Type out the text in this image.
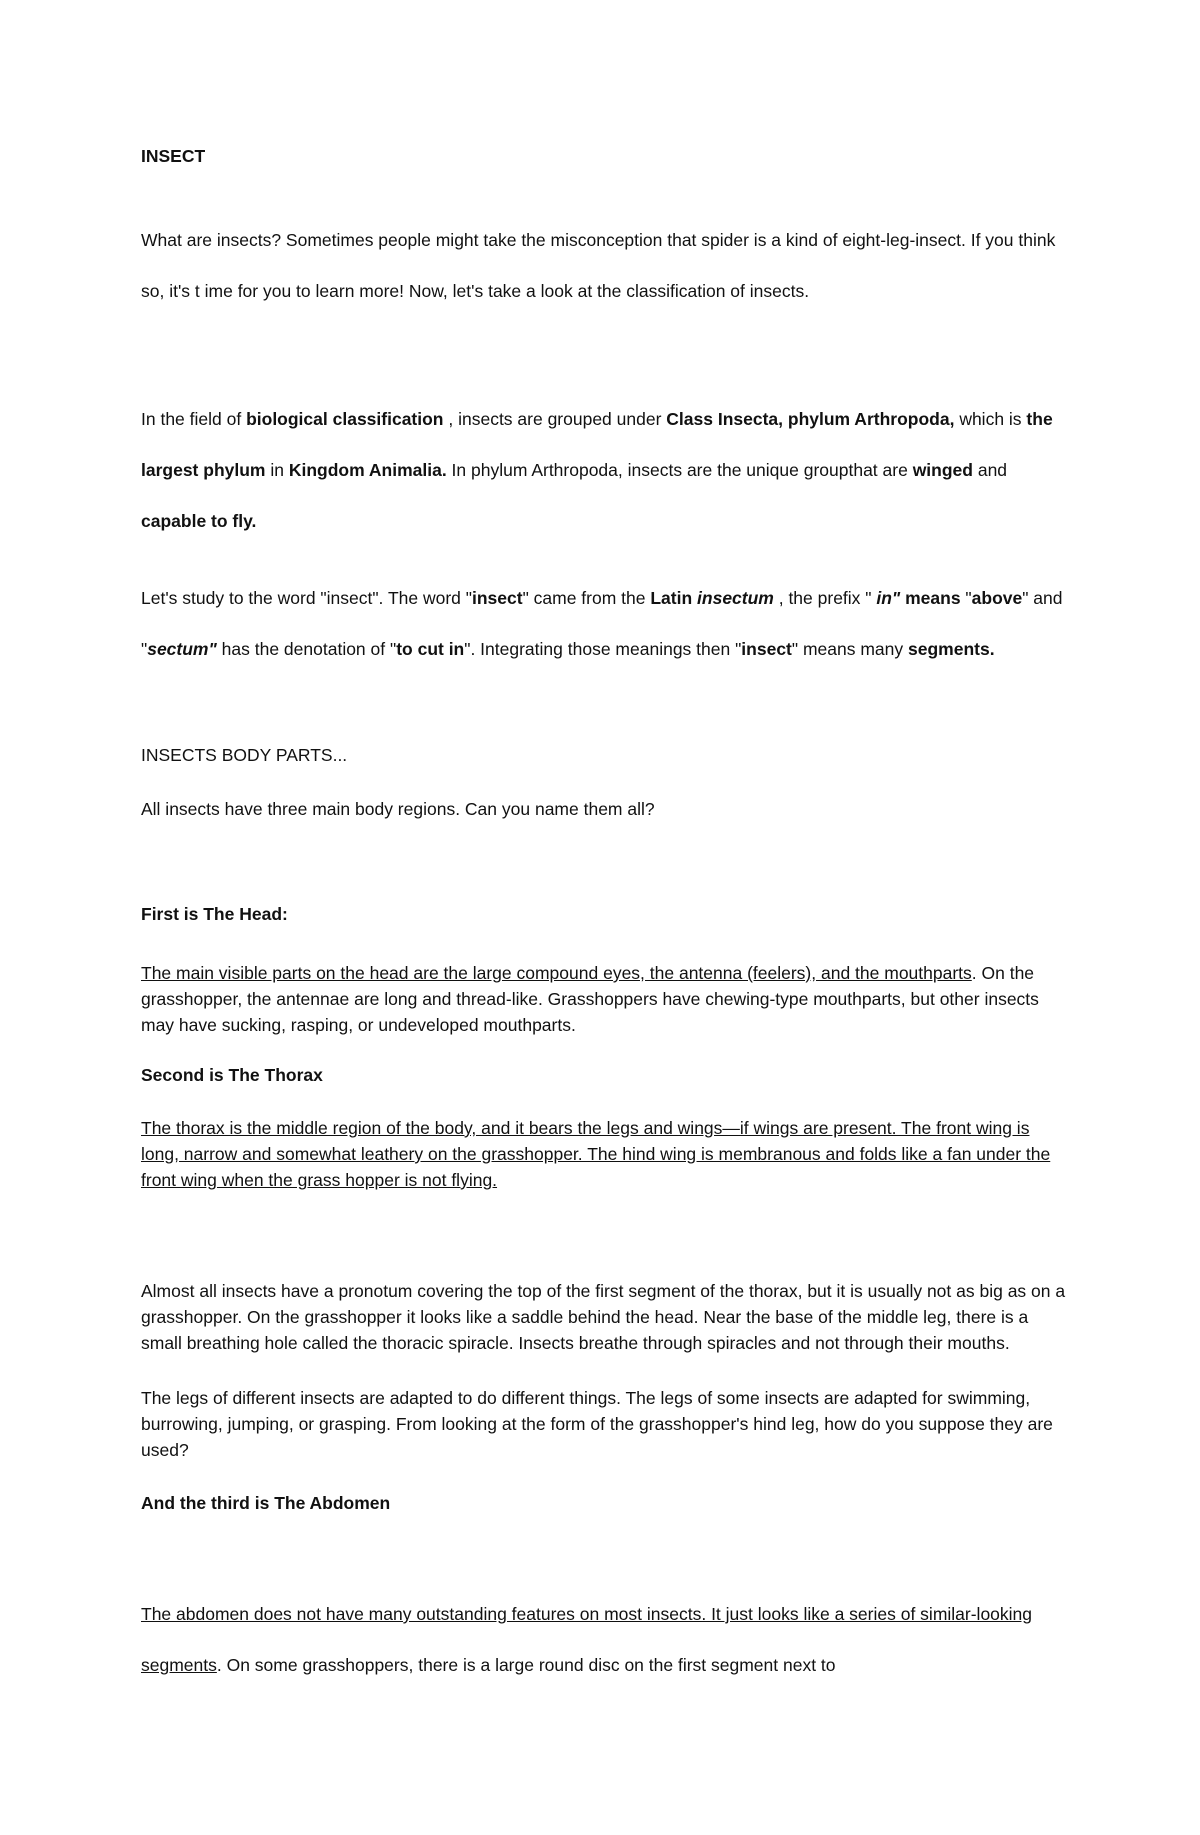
INSECT
What are insects? Sometimes people might take the misconception that spider is a kind of eight-leg-insect. If you think so, it's t ime for you to learn more! Now, let's take a look at the classification of insects.
In the field of biological classification , insects are grouped under Class Insecta, phylum Arthropoda, which is the largest phylum in Kingdom Animalia. In phylum Arthropoda, insects are the unique groupthat are winged and capable to fly.
Let's study to the word "insect". The word "insect" came from the Latin insectum , the prefix " in" means "above" and "sectum" has the denotation of "to cut in". Integrating those meanings then "insect" means many segments.
INSECTS BODY PARTS...
All insects have three main body regions. Can you name them all?
First is The Head:
The main visible parts on the head are the large compound eyes, the antenna (feelers), and the mouthparts. On the grasshopper, the antennae are long and thread-like. Grasshoppers have chewing-type mouthparts, but other insects may have sucking, rasping, or undeveloped mouthparts.
Second is The Thorax
The thorax is the middle region of the body, and it bears the legs and wings—if wings are present. The front wing is long, narrow and somewhat leathery on the grasshopper. The hind wing is membranous and folds like a fan under the front wing when the grass hopper is not flying.
Almost all insects have a pronotum covering the top of the first segment of the thorax, but it is usually not as big as on a grasshopper. On the grasshopper it looks like a saddle behind the head. Near the base of the middle leg, there is a small breathing hole called the thoracic spiracle. Insects breathe through spiracles and not through their mouths.
The legs of different insects are adapted to do different things. The legs of some insects are adapted for swimming, burrowing, jumping, or grasping. From looking at the form of the grasshopper's hind leg, how do you suppose they are used?
And the third is The Abdomen
The abdomen does not have many outstanding features on most insects. It just looks like a series of similar-looking segments. On some grasshoppers, there is a large round disc on the first segment next to
